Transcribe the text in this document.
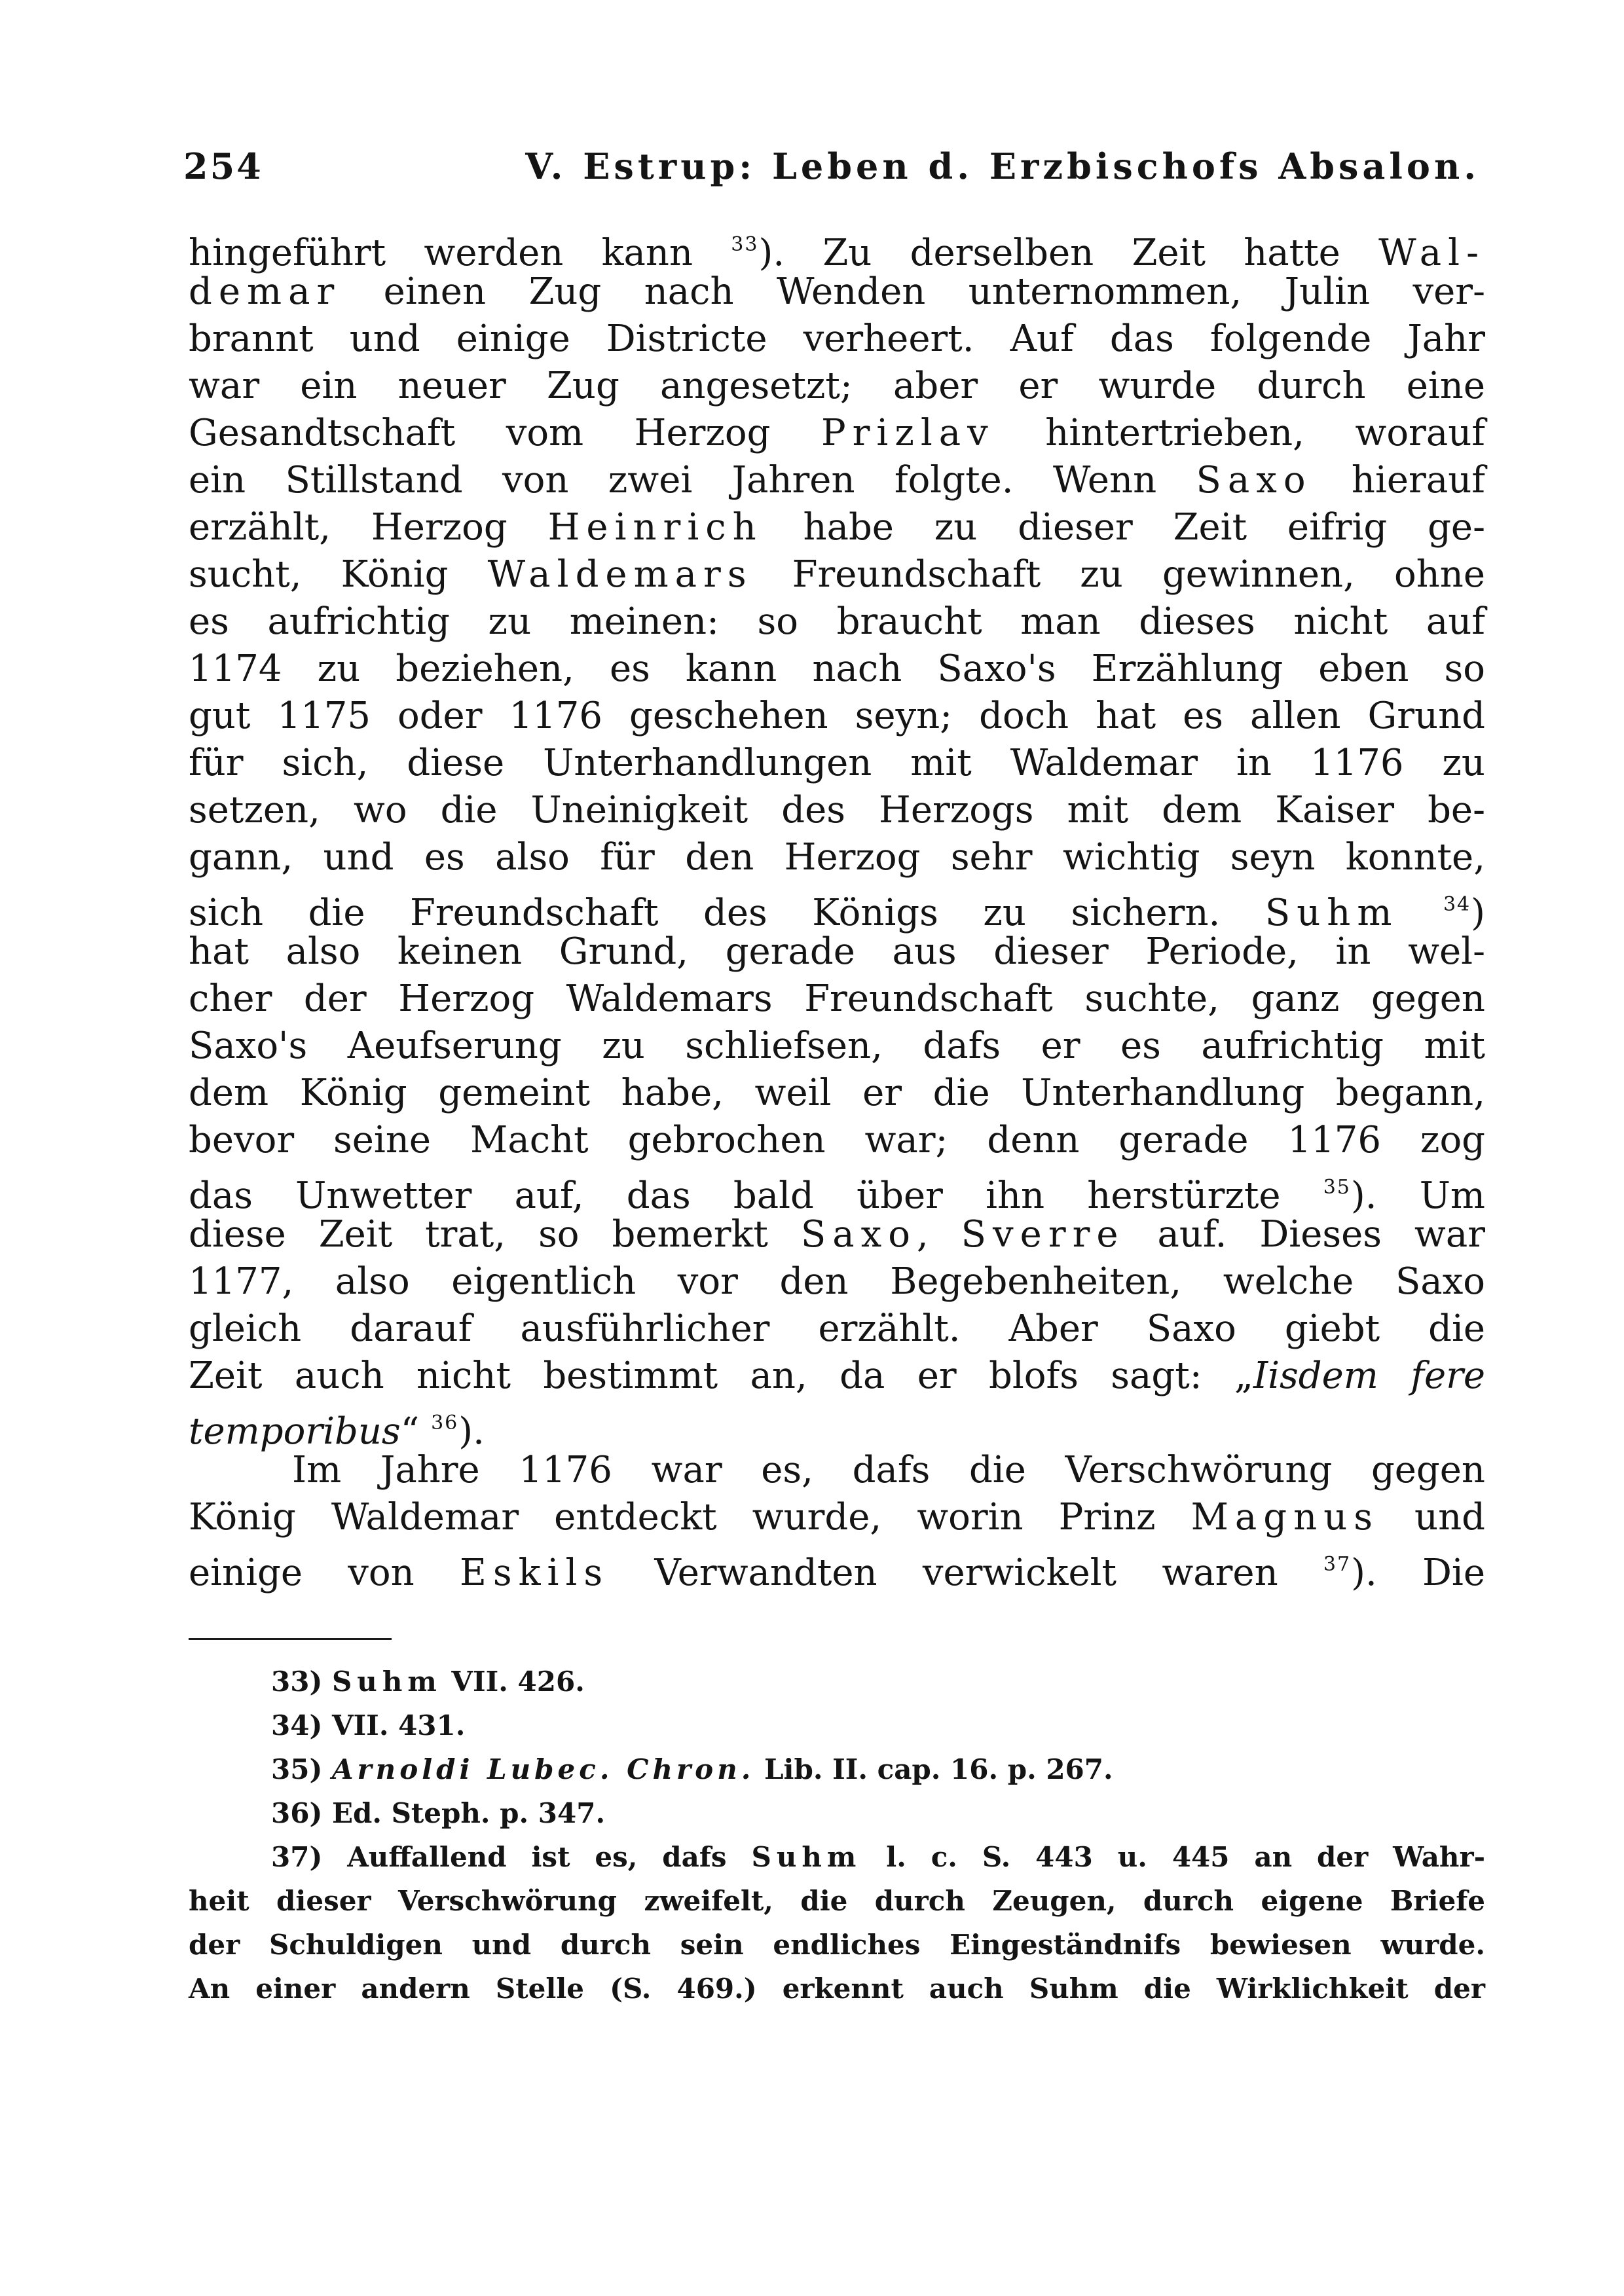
254	V. Estrup: Leben d. Erzbischofs Absalon.
hingeführt werden kann $^{33}$). Zu derselben Zeit hatte Wal-
demar einen Zug nach Wenden unternommen, Julin ver-
brannt und einige Districte verheert. Auf das folgende Jahr
war ein neuer Zug angesetzt; aber er wurde durch eine
Gesandtschaft vom Herzog Prizlav hintertrieben, worauf
ein Stillstand von zwei Jahren folgte. Wenn Saxo hierauf
erzählt, Herzog Heinrich habe zu dieser Zeit eifrig ge-
sucht, König Waldemars Freundschaft zu gewinnen, ohne
es aufrichtig zu meinen: so braucht man dieses nicht auf
1174 zu beziehen, es kann nach Saxo's Erzählung eben so
gut 1175 oder 1176 geschehen seyn; doch hat es allen Grund
für sich, diese Unterhandlungen mit Waldemar in 1176 zu
setzen, wo die Uneinigkeit des Herzogs mit dem Kaiser be-
gann, und es also für den Herzog sehr wichtig seyn konnte,
sich die Freundschaft des Königs zu sichern. Suhm $^{34}$)
hat also keinen Grund, gerade aus dieser Periode, in wel-
cher der Herzog Waldemars Freundschaft suchte, ganz gegen
Saxo's Aeufserung zu schliefsen, dafs er es aufrichtig mit
dem König gemeint habe, weil er die Unterhandlung begann,
bevor seine Macht gebrochen war; denn gerade 1176 zog
das Unwetter auf, das bald über ihn herstürzte $^{35}$). Um
diese Zeit trat, so bemerkt Saxo, Sverre auf. Dieses war
1177, also eigentlich vor den Begebenheiten, welche Saxo
gleich darauf ausführlicher erzählt. Aber Saxo giebt die
Zeit auch nicht bestimmt an, da er blofs sagt: „Iisdem fere
temporibus“ $^{36}$).
Im Jahre 1176 war es, dafs die Verschwörung gegen
König Waldemar entdeckt wurde, worin Prinz Magnus und
einige von Eskils Verwandten verwickelt waren $^{37}$). Die
33) Suhm VII. 426.
34) VII. 431.
35) Arnoldi Lubec. Chron. Lib. II. cap. 16. p. 267.
36) Ed. Steph. p. 347.
37) Auffallend ist es, dafs Suhm l. c. S. 443 u. 445 an der Wahr-
heit dieser Verschwörung zweifelt, die durch Zeugen, durch eigene Briefe
der Schuldigen und durch sein endliches Eingeständnifs bewiesen wurde.
An einer andern Stelle (S. 469.) erkennt auch Suhm die Wirklichkeit der
